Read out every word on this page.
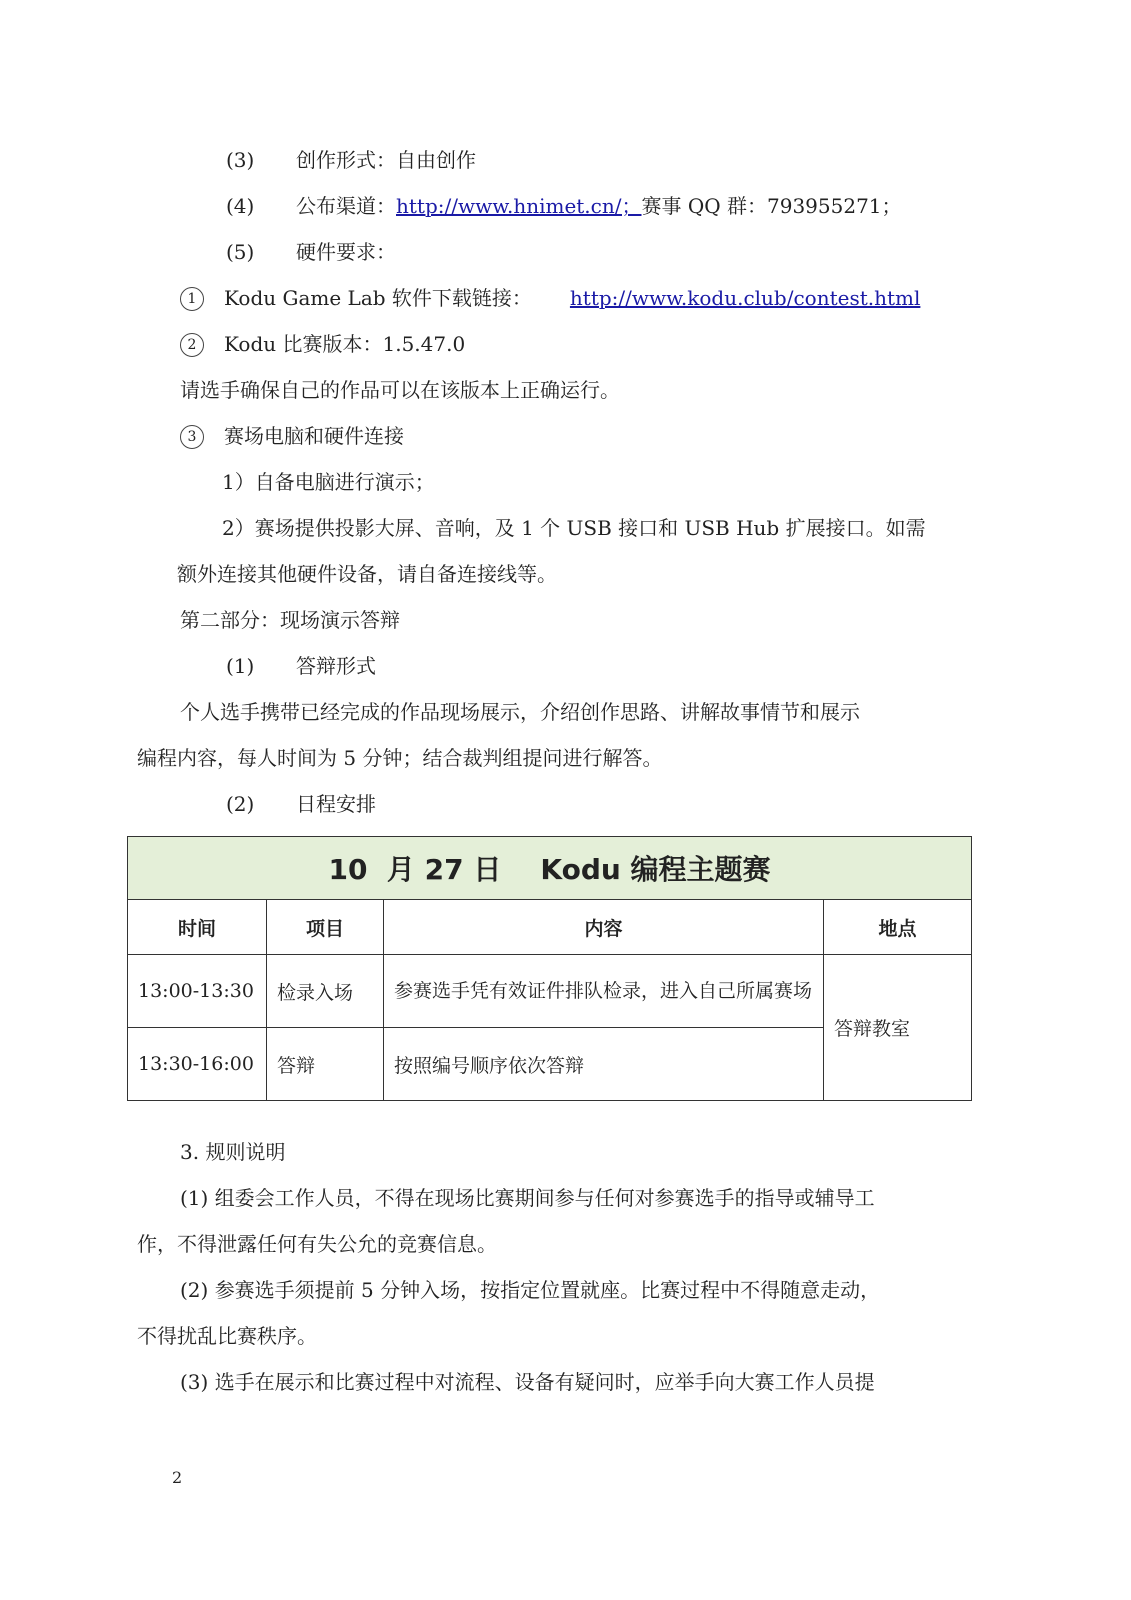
(3) 创作形式：自由创作
(4) 公布渠道：http://www.hnimet.cn/；赛事 QQ 群：793955271；
(5) 硬件要求：
1 Kodu Game Lab 软件下载链接： http://www.kodu.club/contest.html
2 Kodu 比赛版本：1.5.47.0
请选手确保自己的作品可以在该版本上正确运行。
3 赛场电脑和硬件连接
1）自备电脑进行演示；
2）赛场提供投影大屏、音响，及 1 个 USB 接口和 USB Hub 扩展接口。如需
额外连接其他硬件设备，请自备连接线等。
第二部分：现场演示答辩
(1) 答辩形式
个人选手携带已经完成的作品现场展示，介绍创作思路、讲解故事情节和展示
编程内容，每人时间为 5 分钟；结合裁判组提问进行解答。
(2) 日程安排
10  月 27 日    Kodu 编程主题赛			
时间	项目	内容	地点
13:00-13:30	检录入场	参赛选手凭有效证件排队检录，进入自己所属赛场	答辩教室
13:30-16:00	答辩	按照编号顺序依次答辩	
3. 规则说明
(1) 组委会工作人员，不得在现场比赛期间参与任何对参赛选手的指导或辅导工
作，不得泄露任何有失公允的竞赛信息。
(2) 参赛选手须提前 5 分钟入场，按指定位置就座。比赛过程中不得随意走动，
不得扰乱比赛秩序。
(3) 选手在展示和比赛过程中对流程、设备有疑问时，应举手向大赛工作人员提
2
